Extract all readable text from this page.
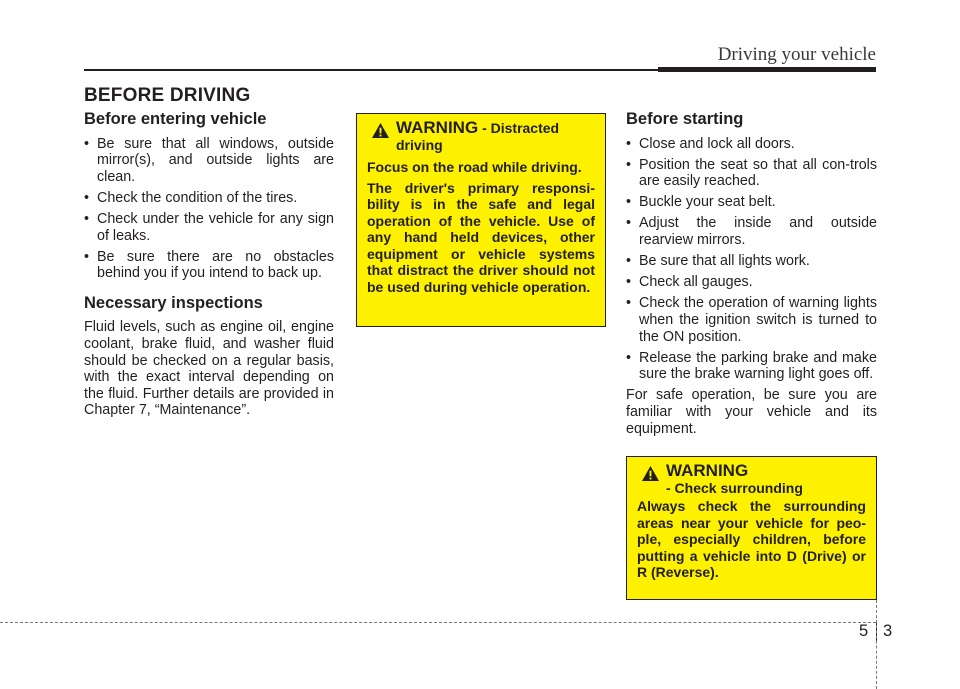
Driving your vehicle
BEFORE DRIVING
Before entering vehicle
• Be sure that all windows, outside mirror(s), and outside lights are clean.
• Check the condition of the tires.
• Check under the vehicle for any sign of leaks.
• Be sure there are no obstacles behind you if you intend to back up.
Necessary inspections

Fluid levels, such as engine oil, engine coolant, brake fluid, and washer fluid should be checked on a regular basis, with the exact interval depending on the fluid. Further details are provided in Chapter 7, “Maintenance”.

WARNING - Distracted driving

Focus on the road while driving.

The driver's primary responsi-bility is in the safe and legal operation of the vehicle. Use of any hand held devices, other equipment or vehicle systems that distract the driver should not be used during vehicle operation.

Before starting
• Close and lock all doors.
• Position the seat so that all con-trols are easily reached.
• Buckle your seat belt.
• Adjust the inside and outside rearview mirrors.
• Be sure that all lights work.
• Check all gauges.
• Check the operation of warning lights when the ignition switch is turned to the ON position.
• Release the parking brake and make sure the brake warning light goes off.

For safe operation, be sure you are familiar with your vehicle and its equipment.

WARNING
- Check surrounding

Always check the surrounding areas near your vehicle for peo-ple, especially children, before putting a vehicle into D (Drive) or R (Reverse).

5 3
